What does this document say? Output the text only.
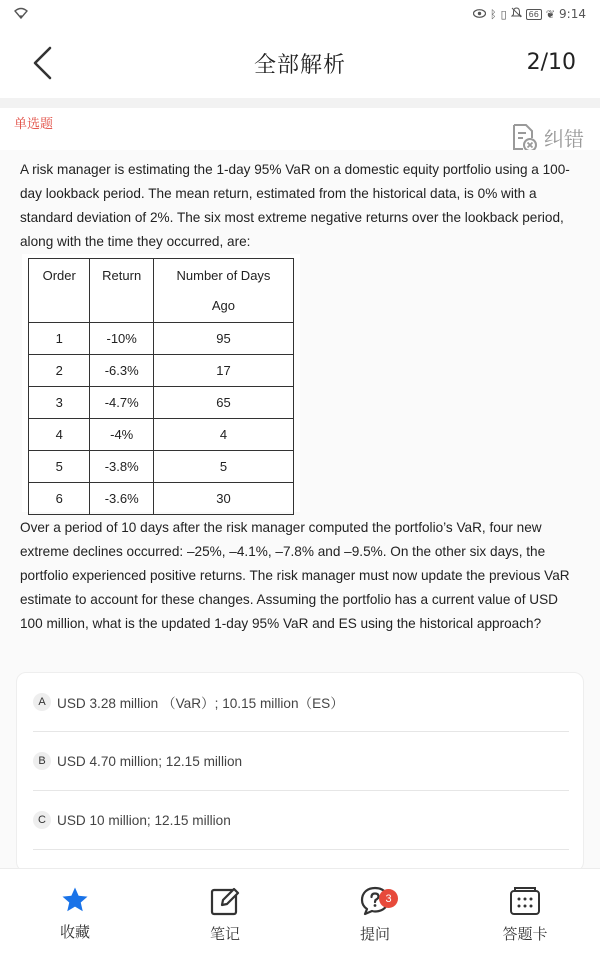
ᛒ ▯	66 ❦ 9:14
全部解析	2/10
单选题
纠错
A risk manager is estimating the 1-day 95% VaR on a domestic equity portfolio using a 100-day lookback period. The mean return, estimated from the historical data, is 0% with a standard deviation of 2%. The six most extreme negative returns over the lookback period, along with the time they occurred, are:
Order	Return	Number of Days
Ago

1	-10%	95
2	-6.3%	17
3	-4.7%	65
4	-4%	4
5	-3.8%	5
6	-3.6%	30
Over a period of 10 days after the risk manager computed the portfolio’s VaR, four new extreme declines occurred: –25%, –4.1%, –7.8% and –9.5%. On the other six days, the portfolio experienced positive returns. The risk manager must now update the previous VaR estimate to account for these changes. Assuming the portfolio has a current value of USD 100 million, what is the updated 1-day 95% VaR and ES using the historical approach?
A USD 3.28 million （VaR）; 10.15 million（ES）
B USD 4.70 million; 12.15 million
C USD 10 million; 12.15 million
收藏	笔记
3
提问	答题卡
